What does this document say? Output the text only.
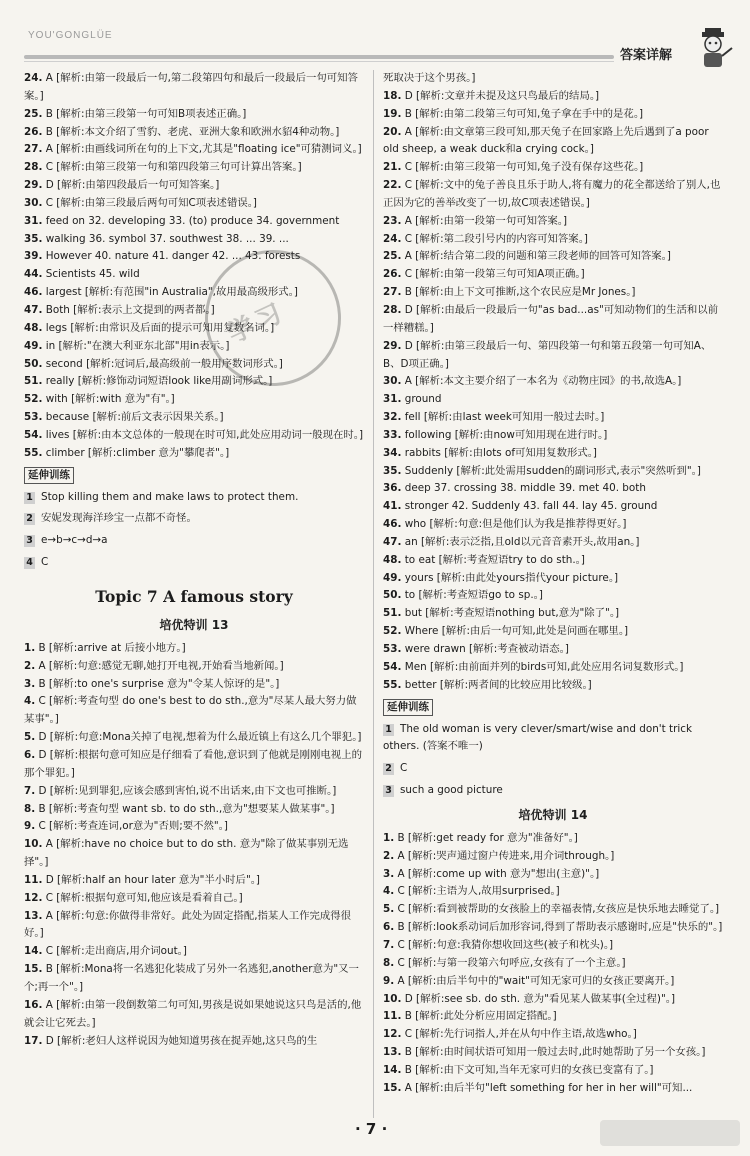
YOU'GONGLÜE
答案详解
24. A [解析:由第一段最后一句,第二段第四句和最后一段最后一句可知答案。]
25. B [解析:由第三段第一句可知B项表述正确。]
26. B [解析:本文介绍了雪豹、老虎、亚洲大象和欧洲水貂4种动物。]
27. A [解析:由画线词所在句的上下文,尤其是"floating ice"可猜测词义。]
28. C [解析:由第三段第一句和第四段第三句可计算出答案。]
29. D [解析:由第四段最后一句可知答案。]
30. C [解析:由第三段最后两句可知C项表述错误。]
31. feed on 32. developing 33. (to) produce 34. government
35. walking 36. symbol 37. southwest 38. ... 39. ...
39. However 40. nature 41. danger 42. ... 43. forests
44. Scientists 45. wild
46. largest [解析:有范围"in Australia",故用最高级形式。]
47. Both [解析:表示上文提到的两者都。]
48. legs [解析:由常识及后面的提示可知用复数名词。]
49. in [解析:"在澳大利亚东北部"用in表示。]
50. second [解析:冠词后,最高级前一般用序数词形式。]
51. really [解析:修饰动词短语look like用副词形式。]
52. with [解析:with 意为"有"。]
53. because [解析:前后文表示因果关系。]
54. lives [解析:由本文总体的一般现在时可知,此处应用动词一般现在时。]
55. climber [解析:climber 意为"攀爬者"。]
延伸训练
1 Stop killing them and make laws to protect them.
2 安妮发现海洋珍宝一点都不奇怪。
3 e→b→c→d→a
4 C
Topic 7 A famous story
培优特训 13
1. B [解析:arrive at 后接小地方。]
2. A [解析:句意:感觉无聊,她打开电视,开始看当地新闻。]
3. B [解析:to one's surprise 意为"令某人惊讶的是"。]
4. C [解析:考查句型 do one's best to do sth.,意为"尽某人最大努力做某事"。]
5. D [解析:句意:Mona关掉了电视,想着为什么最近镇上有这么几个罪犯。]
6. D [解析:根据句意可知应是仔细看了看他,意识到了他就是刚刚电视上的那个罪犯。]
7. D [解析:见到罪犯,应该会感到害怕,说不出话来,由下文也可推断。]
8. B [解析:考查句型 want sb. to do sth.,意为"想要某人做某事"。]
9. C [解析:考查连词,or意为"否则;要不然"。]
10. A [解析:have no choice but to do sth. 意为"除了做某事别无选择"。]
11. D [解析:half an hour later 意为"半小时后"。]
12. C [解析:根据句意可知,他应该是看着自己。]
13. A [解析:句意:你做得非常好。此处为固定搭配,指某人工作完成得很好。]
14. C [解析:走出商店,用介词out。]
15. B [解析:Mona将一名逃犯化装成了另外一名逃犯,another意为"又一个;再一个"。]
16. A [解析:由第一段倒数第二句可知,男孩是说如果她说这只鸟是活的,他就会让它死去。]
17. D [解析:老妇人这样说因为她知道男孩在捉弄她,这只鸟的生
死取决于这个男孩。]
18. D [解析:文章并未提及这只鸟最后的结局。]
19. B [解析:由第二段第三句可知,兔子拿在手中的是花。]
20. A [解析:由文章第三段可知,那天兔子在回家路上先后遇到了a poor old sheep, a weak duck和a crying cock。]
21. C [解析:由第三段第一句可知,兔子没有保存这些花。]
22. C [解析:文中的兔子善良且乐于助人,将有魔力的花全都送给了别人,也正因为它的善举改变了一切,故C项表述错误。]
23. A [解析:由第一段第一句可知答案。]
24. C [解析:第二段引号内的内容可知答案。]
25. A [解析:结合第二段的问题和第三段老师的回答可知答案。]
26. C [解析:由第一段第三句可知A项正确。]
27. B [解析:由上下文可推断,这个农民应是Mr Jones。]
28. D [解析:由最后一段最后一句"as bad...as"可知动物们的生活和以前一样糟糕。]
29. D [解析:由第三段最后一句、第四段第一句和第五段第一句可知A、B、D项正确。]
30. A [解析:本文主要介绍了一本名为《动物庄园》的书,故选A。]
31. ground
32. fell [解析:由last week可知用一般过去时。]
33. following [解析:由now可知用现在进行时。]
34. rabbits [解析:由lots of可知用复数形式。]
35. Suddenly [解析:此处需用sudden的副词形式,表示"突然听到"。]
36. deep 37. crossing 38. middle 39. met 40. both
41. stronger 42. Suddenly 43. fall 44. lay 45. ground
46. who [解析:句意:但是他们认为我是推荐得更好。]
47. an [解析:表示泛指,且old以元音音素开头,故用an。]
48. to eat [解析:考查短语try to do sth.。]
49. yours [解析:由此处yours指代your picture。]
50. to [解析:考查短语go to sp.。]
51. but [解析:考查短语nothing but,意为"除了"。]
52. Where [解析:由后一句可知,此处是问画在哪里。]
53. were drawn [解析:考查被动语态。]
54. Men [解析:由前面并列的birds可知,此处应用名词复数形式。]
55. better [解析:两者间的比较应用比较级。]
延伸训练
1 The old woman is very clever/smart/wise and don't trick others. (答案不唯一)
2 C
3 such a good picture
培优特训 14
1. B [解析:get ready for 意为"准备好"。]
2. A [解析:哭声通过窗户传进来,用介词through。]
3. A [解析:come up with 意为"想出(主意)"。]
4. C [解析:主语为人,故用surprised。]
5. C [解析:看到被帮助的女孩脸上的幸福表情,女孩应是快乐地去睡觉了。]
6. B [解析:look系动词后加形容词,得到了帮助表示感谢时,应是"快乐的"。]
7. C [解析:句意:我猜你想收回这些(被子和枕头)。]
8. C [解析:与第一段第六句呼应,女孩有了一个主意。]
9. A [解析:由后半句中的"wait"可知无家可归的女孩正要离开。]
10. D [解析:see sb. do sth. 意为"看见某人做某事(全过程)"。]
11. B [解析:此处分析应用固定搭配。]
12. C [解析:先行词指人,并在从句中作主语,故选who。]
13. B [解析:由时间状语可知用一般过去时,此时她帮助了另一个女孩。]
14. B [解析:由下文可知,当年无家可归的女孩已变富有了。]
15. A [解析:由后半句"left something for her in her will"可知...
学习
· 7 ·
